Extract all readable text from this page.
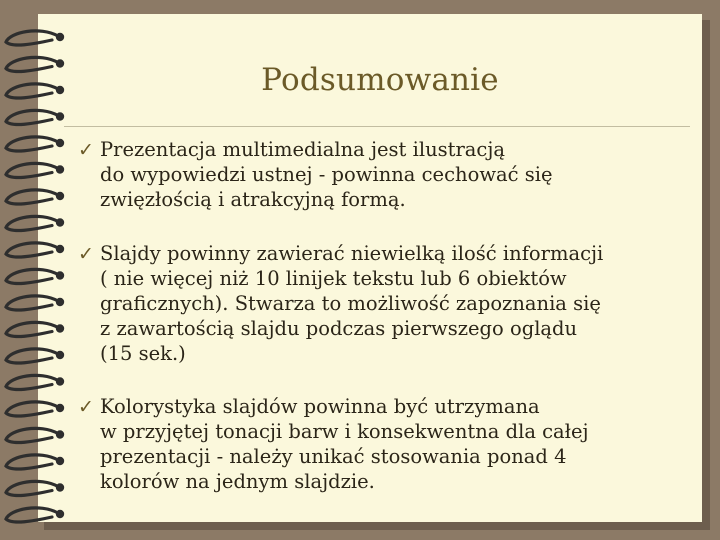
Podsumowanie
✓ Prezentacja multimedialna jest ilustracją
do wypowiedzi ustnej - powinna cechować się
zwięzłością i atrakcyjną formą.
✓ Slajdy powinny zawierać niewielką ilość informacji
( nie więcej niż 10 linijek tekstu lub 6 obiektów
graficznych). Stwarza to możliwość zapoznania się
z zawartością slajdu podczas pierwszego oglądu
(15 sek.)
✓ Kolorystyka slajdów powinna być utrzymana
w przyjętej tonacji barw i konsekwentna dla całej
prezentacji - należy unikać stosowania ponad 4
kolorów na jednym slajdzie.
